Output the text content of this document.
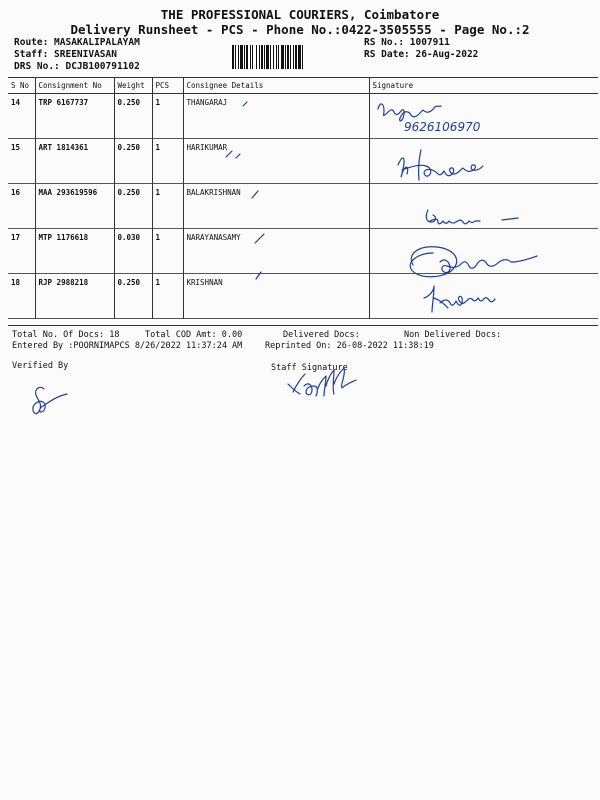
THE PROFESSIONAL COURIERS, Coimbatore
Delivery Runsheet - PCS - Phone No.:0422-3505555 - Page No.:2
Route: MASAKALIPALAYAM
Staff: SREENIVASAN
DRS No.: DCJB100791102
RS No.: 1007911
RS Date: 26-Aug-2022
S No	Consignment No	Weight	PCS	Consignee Details	Signature
14	TRP 6167737	0.250	1	THANGARAJ	
15	ART 1814361	0.250	1	HARIKUMAR	
16	MAA 293619596	0.250	1	BALAKRISHNAN	
17	MTP 1176618	0.030	1	NARAYANASAMY	
18	RJP 2988218	0.250	1	KRISHNAN	
Total No. Of Docs: 18	Total COD Amt: 0.00	Delivered Docs:	Non Delivered Docs:
Entered By :POORNIMAPCS 8/26/2022 11:37:24 AM	Reprinted On: 26-08-2022 11:38:19
Verified By	Staff Signature
9626106970
